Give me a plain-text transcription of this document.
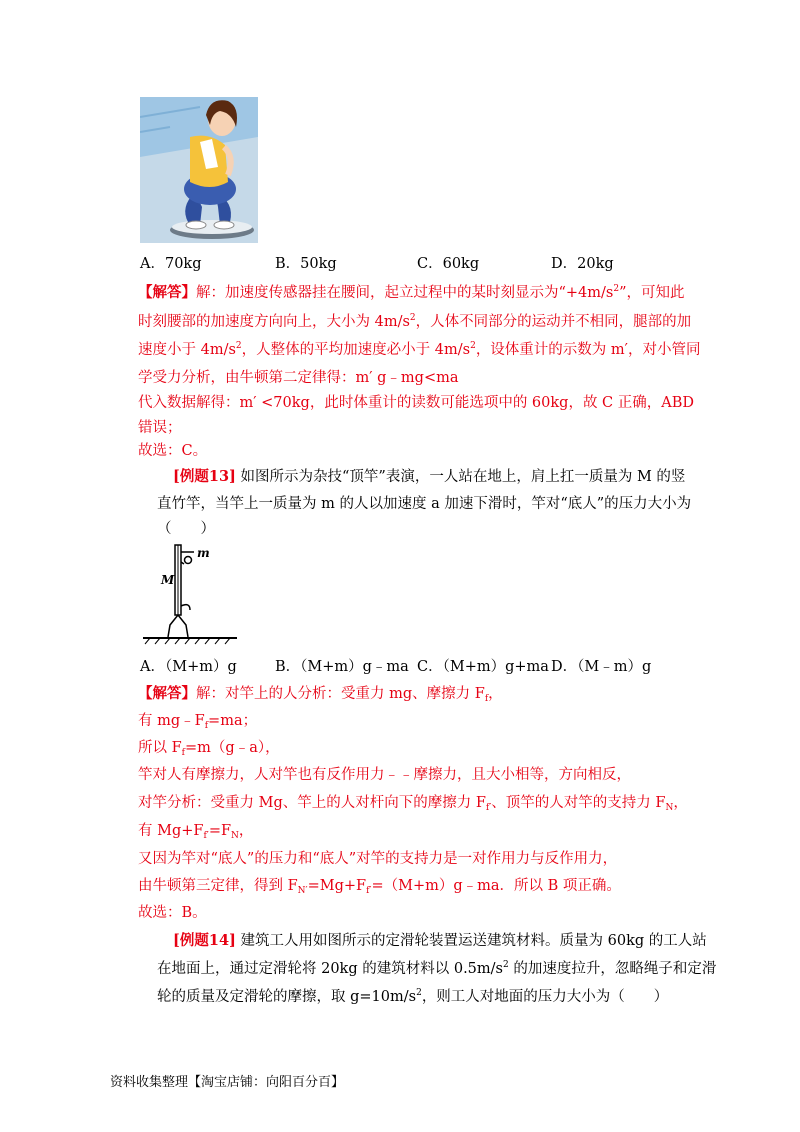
A．70kg	B．50kg	C．60kg	D．20kg
【解答】解：加速度传感器挂在腰间，起立过程中的某时刻显示为“$+4m/s^2$”，可知此
时刻腰部的加速度方向向上，大小为 $4m/s^2$，人体不同部分的运动并不相同，腿部的加
速度小于 $4m/s^2$，人整体的平均加速度必小于 $4m/s^2$，设体重计的示数为 m′，对小管同
学受力分析，由牛顿第二定律得：m′ g﹣mg<ma
代入数据解得：m′ <70kg，此时体重计的读数可能选项中的 60kg，故 C 正确，ABD
错误；
故选：C。
[例题13] 如图所示为杂技“顶竿”表演，一人站在地上，肩上扛一质量为 M 的竖
直竹竿，当竿上一质量为 m 的人以加速度 a 加速下滑时，竿对“底人”的压力大小为
（　　）
m
M
A．（M+m）g	B．（M+m）g﹣ma C．（M+m）g+ma D．（M﹣m）g
【解答】解：对竿上的人分析：受重力 mg、摩擦力 $F_f$，
有 $mg﹣F_f=ma$；
所以 $F_f=m(g﹣a)$，
竿对人有摩擦力，人对竿也有反作用力﹣﹣摩擦力，且大小相等，方向相反，
对竿分析：受重力 Mg、竿上的人对杆向下的摩擦力 $F_{f'}$、顶竿的人对竿的支持力 $F_N$，
有 $Mg+F_{f'}=F_N$，
又因为竿对“底人”的压力和“底人”对竿的支持力是一对作用力与反作用力，
由牛顿第三定律，得到 $F_{N'}=Mg+F_{f'}=(M+m)g﹣ma$．所以 B 项正确。
故选：B。
[例题14] 建筑工人用如图所示的定滑轮装置运送建筑材料。质量为 60kg 的工人站
在地面上，通过定滑轮将 20kg 的建筑材料以 $0.5m/s^2$ 的加速度拉升，忽略绳子和定滑
轮的质量及定滑轮的摩擦，取 $g=10m/s^2$，则工人对地面的压力大小为（　　）
资料收集整理【淘宝店铺：向阳百分百】
